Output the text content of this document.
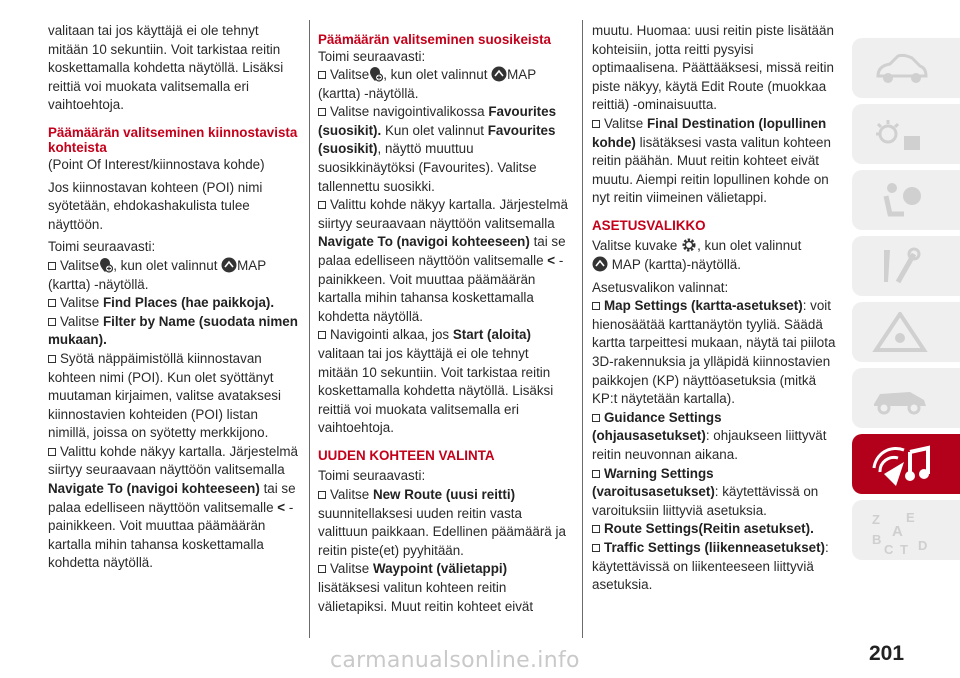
valitaan tai jos käyttäjä ei ole tehnyt mitään 10 sekuntiin. Voit tarkistaa reitin koskettamalla kohdetta näytöllä. Lisäksi reittiä voi muokata valitsemalla eri vaihtoehtoja.

Päämäärän valitseminen kiinnostavista kohteista

(Point Of Interest/kiinnostava kohde)

Jos kiinnostavan kohteen (POI) nimi syötetään, ehdokashakulista tulee näyttöön.

Toimi seuraavasti:
Valitse , kun olet valinnut MAP (kartta) -näytöllä.
Valitse Find Places (hae paikkoja).
Valitse Filter by Name (suodata nimen mukaan).
Syötä näppäimistöllä kiinnostavan kohteen nimi (POI). Kun olet syöttänyt muutaman kirjaimen, valitse avataksesi kiinnostavien kohteiden (POI) listan nimillä, joissa on syötetty merkkijono.
Valittu kohde näkyy kartalla. Järjestelmä siirtyy seuraavaan näyttöön valitsemalla Navigate To (navigoi kohteeseen) tai se palaa edelliseen näyttöön valitsemalle < -painikkeen. Voit muuttaa päämäärän kartalla mihin tahansa koskettamalla kohdetta näytöllä.
Päämäärän valitseminen suosikeista
Toimi seuraavasti:
Valitse , kun olet valinnut MAP (kartta) -näytöllä.
Valitse navigointivalikossa Favourites (suosikit). Kun olet valinnut Favourites (suosikit), näyttö muuttuu suosikkinäytöksi (Favourites). Valitse tallennettu suosikki.
Valittu kohde näkyy kartalla. Järjestelmä siirtyy seuraavaan näyttöön valitsemalla Navigate To (navigoi kohteeseen) tai se palaa edelliseen näyttöön valitsemalle < -painikkeen. Voit muuttaa päämäärän kartalla mihin tahansa koskettamalla kohdetta näytöllä.
Navigointi alkaa, jos Start (aloita) valitaan tai jos käyttäjä ei ole tehnyt mitään 10 sekuntiin. Voit tarkistaa reitin koskettamalla kohdetta näytöllä. Lisäksi reittiä voi muokata valitsemalla eri vaihtoehtoja.
UUDEN KOHTEEN VALINTA
Toimi seuraavasti:
Valitse New Route (uusi reitti) suunnitellaksesi uuden reitin vasta valittuun paikkaan. Edellinen päämäärä ja reitin piste(et) pyyhitään.
Valitse Waypoint (välietappi) lisätäksesi valitun kohteen reitin välietapiksi. Muut reitin kohteet eivät
muutu. Huomaa: uusi reitin piste lisätään kohteisiin, jotta reitti pysyisi optimaalisena. Päättääksesi, missä reitin piste näkyy, käytä Edit Route (muokkaa reittiä) -ominaisuutta.
Valitse Final Destination (lopullinen kohde) lisätäksesi vasta valitun kohteen reitin päähän. Muut reitin kohteet eivät muutu. Aiempi reitin lopullinen kohde on nyt reitin viimeinen välietappi.
ASETUSVALIKKO
Valitse kuvake , kun olet valinnut
MAP (kartta)-näytöllä.
Asetusvalikon valinnat:
Map Settings (kartta-asetukset): voit hienosäätää karttanäytön tyyliä. Säädä kartta tarpeittesi mukaan, näytä tai piilota 3D-rakennuksia ja ylläpidä kiinnostavien paikkojen (KP) näyttöasetuksia (mitkä KP:t näytetään kartalla).
Guidance Settings (ohjausasetukset): ohjaukseen liittyvät reitin neuvonnan aikana.
Warning Settings (varoitusasetukset): käytettävissä on varoituksiin liittyviä asetuksia.
Route Settings(Reitin asetukset).
Traffic Settings (liikenneasetukset): käytettävissä on liikenteeseen liittyviä asetuksia.
Z E
A
B
C T D
201
carmanualsonline.info
